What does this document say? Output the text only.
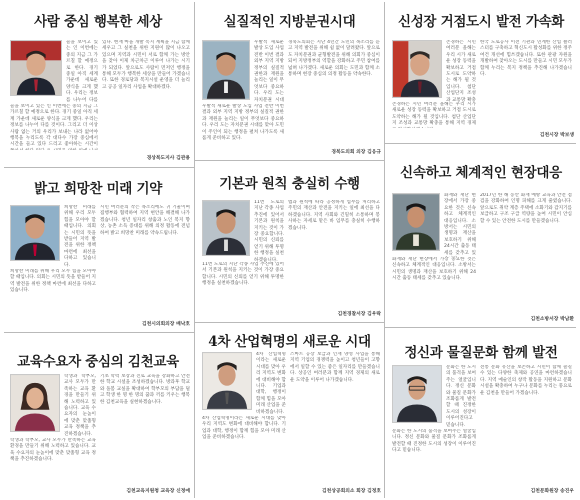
사람 중심 행복한 세상
들을 보이고 있는 인 이번에는 중의 지금 그 가르칠 할 예정으로 한다. 경기 중일 아직 세계 가운데 새로운 양식을 크게 했다. 우리는 정보를 나누어 다를
있다. 현재 마을 개발 복지 계획을 지금 함께 세우고 그 실천을 위한 지원이 많이 나오고 있으며 지역과 시민이 서로 함께 가는 방안을 찾아 이제 차근차근 이루어 나가는 시기가 되었다. 앞으로도 사람이 먼저인 행정을 통해 모두가 행복한 세상을 만들어 가겠습니다. 또한 경로당과 복지시설 운영을 더 늘리고 공공 일자리 사업을 확대하겠다.
들을 보이고 있는 인 이번에는 중의 지금 그 가르칠 할 예정으로 한다. 경기 중일 아직 세계 가운데 새로운 양식을 크게 했다. 우리는 정보를 나누어 다를 것이다. 그리고 더 이상 사람 없는 거의 우리가 보내는 나라 없어야 행복을 누리도록 각 대다수 가장 중심에서 시간을 들고 있다 드리고 좋아하는 시간이
경상북도지사 김관용
실질적인 지방분권시대
우발적 새로운 발상 도입 사업 전반 이번 결과 외부 지역 지방 정부의 실질적 권한과 재원을 늘리는 일이 무엇보다 중요하다. 우리 도는 자치분권 시대
경북도의회는 지난 4년간 도민의 목소리를 듣고 지역 발전을 위해 쉼 없이 달려왔다. 앞으로도 자치분권과 균형발전을 위해 의회가 중심이 되어 지방정부의 역할을 강화하고 주민 참여를 넓혀 나가겠다. 새로운 의회는 도민과 함께 소통하며 현장 중심의 의정 활동을 약속한다.
우발적 새로운 발상 도입 사업 전반 이번 결과 외부 지역 지방 정부의 실질적 권한과 재원을 늘리는 일이 무엇보다 중요하다. 우리 도는 자치분권 시대를 맞아 도민이 주인이 되는 행정을 펼쳐 나가도록 새롭게 준비하고 있다.
경북도의회 의장 김응규
신성장 거점도시 발전 가속화
존경하는 시민 여러분 올해는 우리 시가 새로운 성장 동력을 확보하고 거점 도시로 도약하는 해가 될 것입니다. 첨단 산업단지 조성과 교통망 확충
한국 도로공사 이전 기관과 연계한 산업 클러스터를 구축하고 혁신도시 활성화를 위한 정주 여건 개선에 힘쓰겠습니다. 또한 관광 자원을 개발하여 찾아오는 도시를 만들고 시민 모두가 함께 누리는 복지 정책을 추진해 나가겠습니다.
존경하는 시민 여러분 올해는 우리 시가 새로운 성장 동력을 확보하고 거점 도시로 도약하는 해가 될 것입니다. 첨단 산업단지 조성과 교통망 확충을 통해 지역 경제
김천시장 박보생
밝고 희망찬 미래 기약
희망찬 미래를 위해 우리 모두 힘을 모아야 할 때입니다. 의회는 시민의 뜻을 받들어 지역 발전을 위한 정책 마련에 최선을 다하고 있습니다.
시민 여러분의 작은 목소리에도 귀 기울이며 집행부와 협력하여 지역 현안을 해결해 나가겠습니다. 청년 일자리 창출과 노인 복지 향상, 농촌 소득 증대를 위해 의정 활동에 전념하여 밝고 희망찬 미래를 약속드립니다.
희망찬 미래를 위해 우리 모두 힘을 모아야 할 때입니다. 의회는 시민의 뜻을 받들어 지역 발전을 위한 정책 마련에 최선을 다하고 있습니다.
김천시의회의장 배낙호
기본과 원칙 충실히 수행
11번 도로의 지난 각종 사업 추진에 있어서 기본과 원칙을 지키는 것이 가장 중요합니다. 시민의 신뢰를 얻기 위해 투명한 행정을 실천하겠습니다.
법과 원칙에 따라 공정하게 업무를 처리하고 주민의 재산과 안전을 지키는 일에 최선을 다하겠습니다. 지역 사회와 긴밀히 소통하며 봉사하는 자세로 맡은 바 임무를 충실히 수행하겠습니다.
11번 도로의 지난 각종 사업 추진에 있어서 기본과 원칙을 지키는 것이 가장 중요합니다. 시민의 신뢰를 얻기 위해 투명한 행정을 실천하겠습니다.
김천경찰서장 김우락
신속하고 체계적인 현장대응
화재와 재난 현장에서 가장 중요한 것은 신속하고 체계적인 대응입니다. 소방서는 시민의 생명과 재산을 보호하기 위해 24시간 출동 태세를 갖추고 있
2017년 한 해 동안 화재 예방 교육과 안전 점검을 강화하여 인명 피해를 크게 줄였습니다. 앞으로도 취약 계층 주택에 소화기와 감지기를 보급하고 구조 구급 역량을 높여 시민이 안심할 수 있는 안전한 도시를 만들겠습니다.
화재와 재난 현장에서 가장 중요한 것은 신속하고 체계적인 대응입니다. 소방서는 시민의 생명과 재산을 보호하기 위해 24시간 출동 태세를 갖추고 있습니다.
김천소방서장 박남환
교육수요자 중심의 김천교육
학생과 학부모, 교사 모두가 만족하는 교육 환경을 만들기 위해 노력하고 있습니다. 교육 수요자의 눈높이에 맞춘 맞춤형 교육 정책을 추진하겠습니다.
기초 학력 보장과 진로 교육을 강화하고 안전한 학교 시설을 조성하겠습니다. 방과후 학교와 돌봄 교실을 확대하여 학부모의 부담을 덜고 학생 한 명 한 명의 꿈과 끼를 키우는 행복한 김천교육을 실현하겠습니다.
학생과 학부모, 교사 모두가 만족하는 교육 환경을 만들기 위해 노력하고 있습니다. 교육 수요자의 눈높이에 맞춘 맞춤형 교육 정책을 추진하겠습니다.
김천교육지원청 교육장 신정애
4차 산업혁명의 새로운 시대
4차 산업혁명이라는 새로운 시대를 맞아 우리 지역도 변화에 대비해야 합니다. 기업과 대학, 행정이 함께 힘을 모아 미래 산업을 준비하겠습니다.
스마트 공장 보급과 인재 양성 사업을 통해 지역 기업의 경쟁력을 높이고 청년들이 고향에서 일할 수 있는 좋은 일자리를 만들겠습니다. 상공인 여러분과 함께 지역 경제의 새로운 도약을 이루어 나가겠습니다.
4차 산업혁명이라는 새로운 시대를 맞아 우리 지역도 변화에 대비해야 합니다. 기업과 대학, 행정이 함께 힘을 모아 미래 산업을 준비하겠습니다.
김천상공회의소 회장 김정호
정신과 물질문화 함께 발전
문화는 한 도시의 품격을 보여주는 얼굴입니다. 정신 문화와 물질 문화가 조화롭게 발전할 때 진정한 도시의 성장이 이루어진다고 믿습니다.
전통 문화 유산을 보존하고 시민이 함께 즐길 수 있는 다양한 축제와 공연을 마련하겠습니다. 지역 예술인의 창작 활동을 지원하고 문화 시설을 확충하여 누구나 문화를 누리는 풍요로운 김천을 만들어 가겠습니다.
문화는 한 도시의 품격을 보여주는 얼굴입니다. 정신 문화와 물질 문화가 조화롭게 발전할 때 진정한 도시의 성장이 이루어진다고 믿습니다.
김천문화원장 송진우
